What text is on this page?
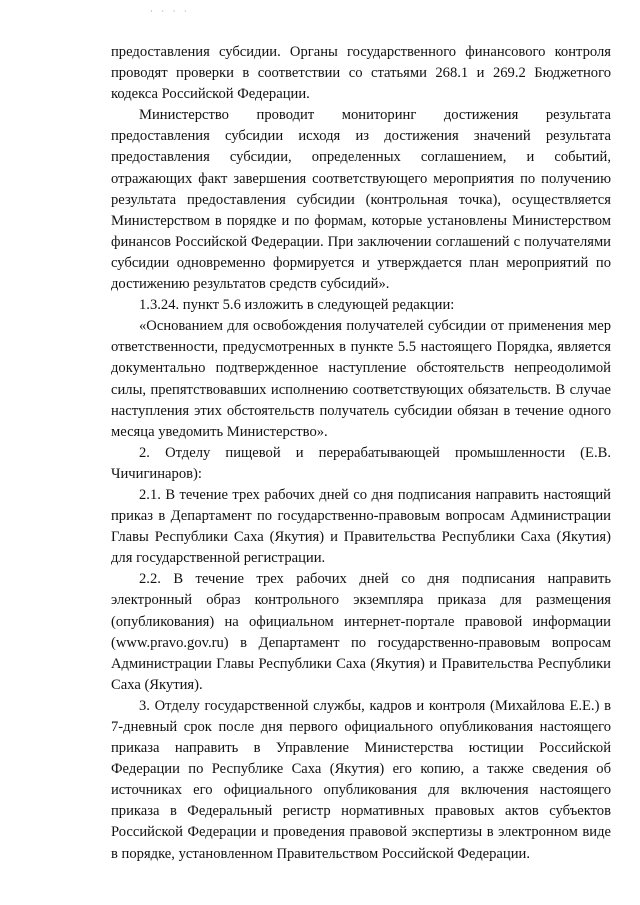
· · · ·

предоставления субсидии. Органы государственного финансового контроля проводят проверки в соответствии со статьями 268.1 и 269.2 Бюджетного кодекса Российской Федерации.

Министерство проводит мониторинг достижения результата предоставления субсидии исходя из достижения значений результата предоставления субсидии, определенных соглашением, и событий, отражающих факт завершения соответствующего мероприятия по получению результата предоставления субсидии (контрольная точка), осуществляется Министерством в порядке и по формам, которые установлены Министерством финансов Российской Федерации. При заключении соглашений с получателями субсидии одновременно формируется и утверждается план мероприятий по достижению результатов средств субсидий».

1.3.24. пункт 5.6 изложить в следующей редакции:

«Основанием для освобождения получателей субсидии от применения мер ответственности, предусмотренных в пункте 5.5 настоящего Порядка, является документально подтвержденное наступление обстоятельств непреодолимой силы, препятствовавших исполнению соответствующих обязательств. В случае наступления этих обстоятельств получатель субсидии обязан в течение одного месяца уведомить Министерство».

2. Отделу пищевой и перерабатывающей промышленности (Е.В. Чичигинаров):

2.1. В течение трех рабочих дней со дня подписания направить настоящий приказ в Департамент по государственно-правовым вопросам Администрации Главы Республики Саха (Якутия) и Правительства Республики Саха (Якутия) для государственной регистрации.

2.2. В течение трех рабочих дней со дня подписания направить электронный образ контрольного экземпляра приказа для размещения (опубликования) на официальном интернет-портале правовой информации (www.pravo.gov.ru) в Департамент по государственно-правовым вопросам Администрации Главы Республики Саха (Якутия) и Правительства Республики Саха (Якутия).

3. Отделу государственной службы, кадров и контроля (Михайлова Е.Е.) в 7-дневный срок после дня первого официального опубликования настоящего приказа направить в Управление Министерства юстиции Российской Федерации по Республике Саха (Якутия) его копию, а также сведения об источниках его официального опубликования для включения настоящего приказа в Федеральный регистр нормативных правовых актов субъектов Российской Федерации и проведения правовой экспертизы в электронном виде в порядке, установленном Правительством Российской Федерации.
